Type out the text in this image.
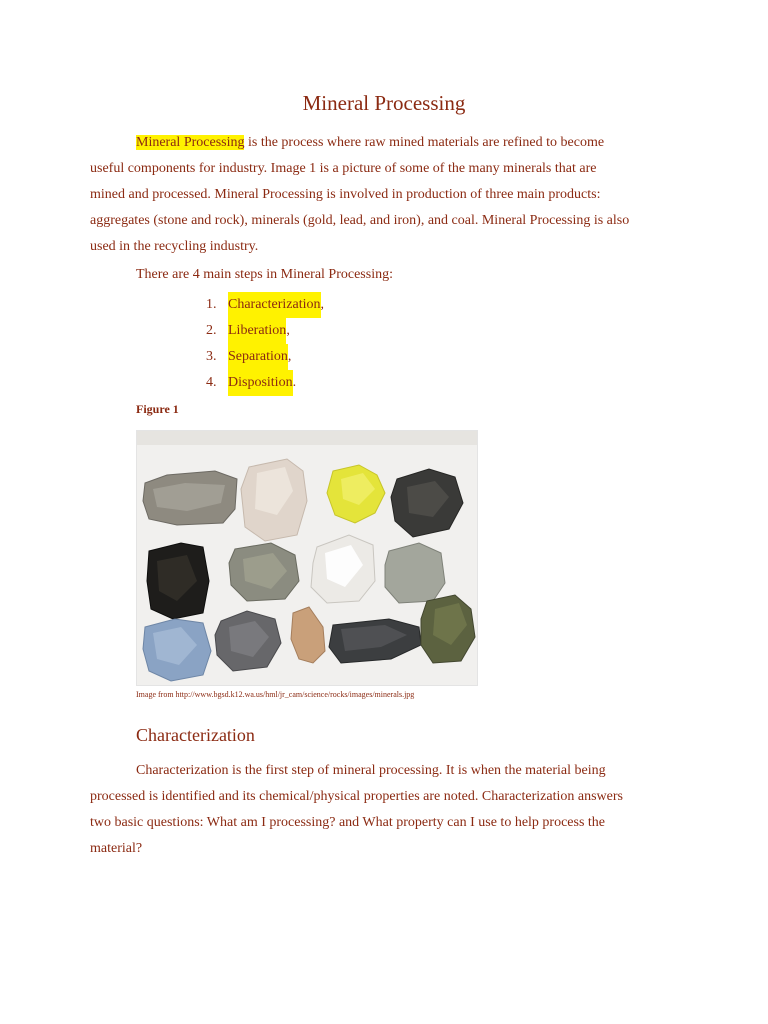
Mineral Processing

Mineral Processing is the process where raw mined materials are refined to become
useful components for industry. Image 1 is a picture of some of the many minerals that are
mined and processed. Mineral Processing is involved in production of three main products:
aggregates (stone and rock), minerals (gold, lead, and iron), and coal. Mineral Processing is also
used in the recycling industry.

There are 4 main steps in Mineral Processing:

1. Characterization ,
2. Liberation ,
3. Separation ,
4. Disposition .
Figure 1
Image from http://www.bgsd.k12.wa.us/hml/jr_cam/science/rocks/images/minerals.jpg
Characterization

Characterization is the first step of mineral processing. It is when the material being
processed is identified and its chemical/physical properties are noted. Characterization answers
two basic questions: What am I processing? and What property can I use to help process the
material?
